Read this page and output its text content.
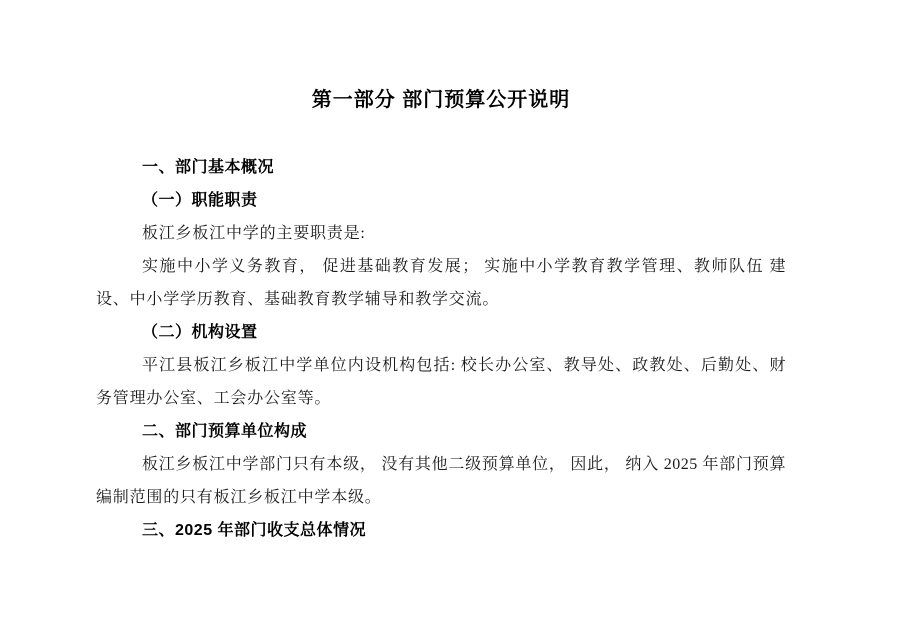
第一部分 部门预算公开说明
一、部门基本概况
（一）职能职责
板江乡板江中学的主要职责是:
实施中小学义务教育， 促进基础教育发展； 实施中小学教育教学管理、教师队伍 建
设、中小学学历教育、基础教育教学辅导和教学交流。
（二）机构设置
平江县板江乡板江中学单位内设机构包括: 校长办公室、教导处、政教处、后勤处、财
务管理办公室、工会办公室等。
二、部门预算单位构成
板江乡板江中学部门只有本级， 没有其他二级预算单位， 因此， 纳入 2025 年部门预算
编制范围的只有板江乡板江中学本级。
三、2025 年部门收支总体情况
